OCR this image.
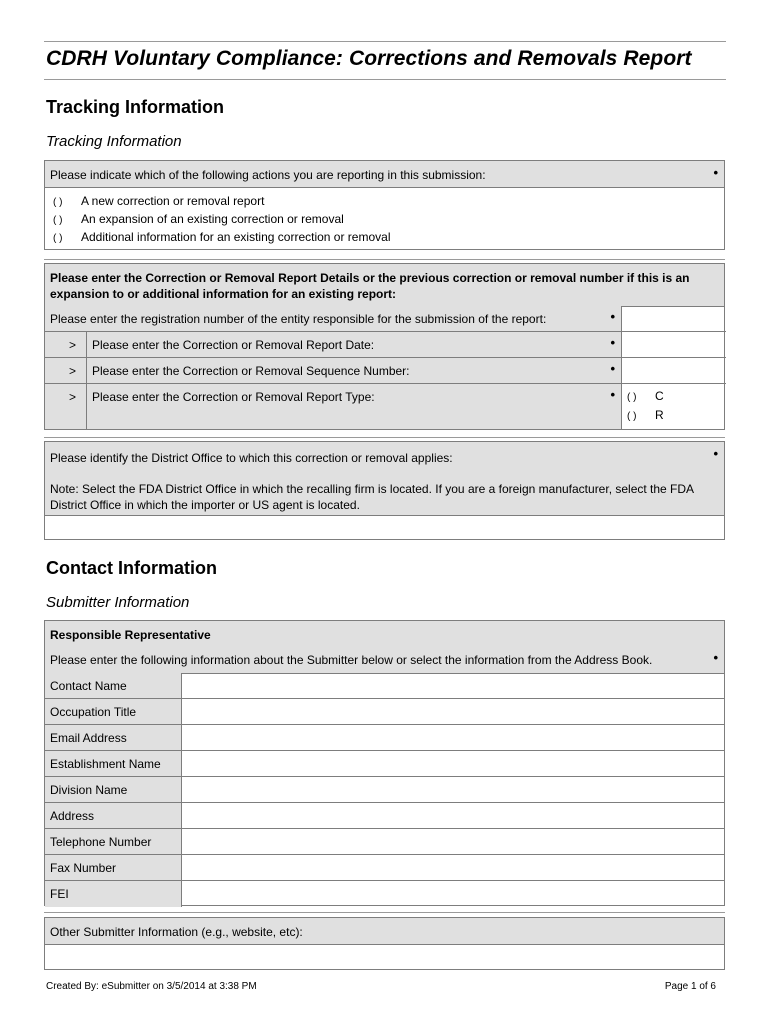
CDRH Voluntary Compliance: Corrections and Removals Report
Tracking Information
Tracking Information
Please indicate which of the following actions you are reporting in this submission:	•
( ) A new correction or removal report
( ) An expansion of an existing correction or removal
( ) Additional information for an existing correction or removal
Please enter the Correction or Removal Report Details or the previous correction or removal number if this is an expansion to or additional information for an existing report:
Please enter the registration number of the entity responsible for the submission of the report:	•
> Please enter the Correction or Removal Report Date:	•
> Please enter the Correction or Removal Sequence Number:	•
> Please enter the Correction or Removal Report Type:	• ( ) C
( ) R
Please identify the District Office to which this correction or removal applies:	•
Note: Select the FDA District Office in which the recalling firm is located. If you are a foreign manufacturer, select the FDA District Office in which the importer or US agent is located.
Contact Information
Submitter Information
Responsible Representative
Please enter the following information about the Submitter below or select the information from the Address Book.	•
Contact Name
Occupation Title
Email Address
Establishment Name
Division Name
Address
Telephone Number
Fax Number
FEI
Other Submitter Information (e.g., website, etc):
Created By: eSubmitter on 3/5/2014 at 3:38 PM	Page 1 of 6
